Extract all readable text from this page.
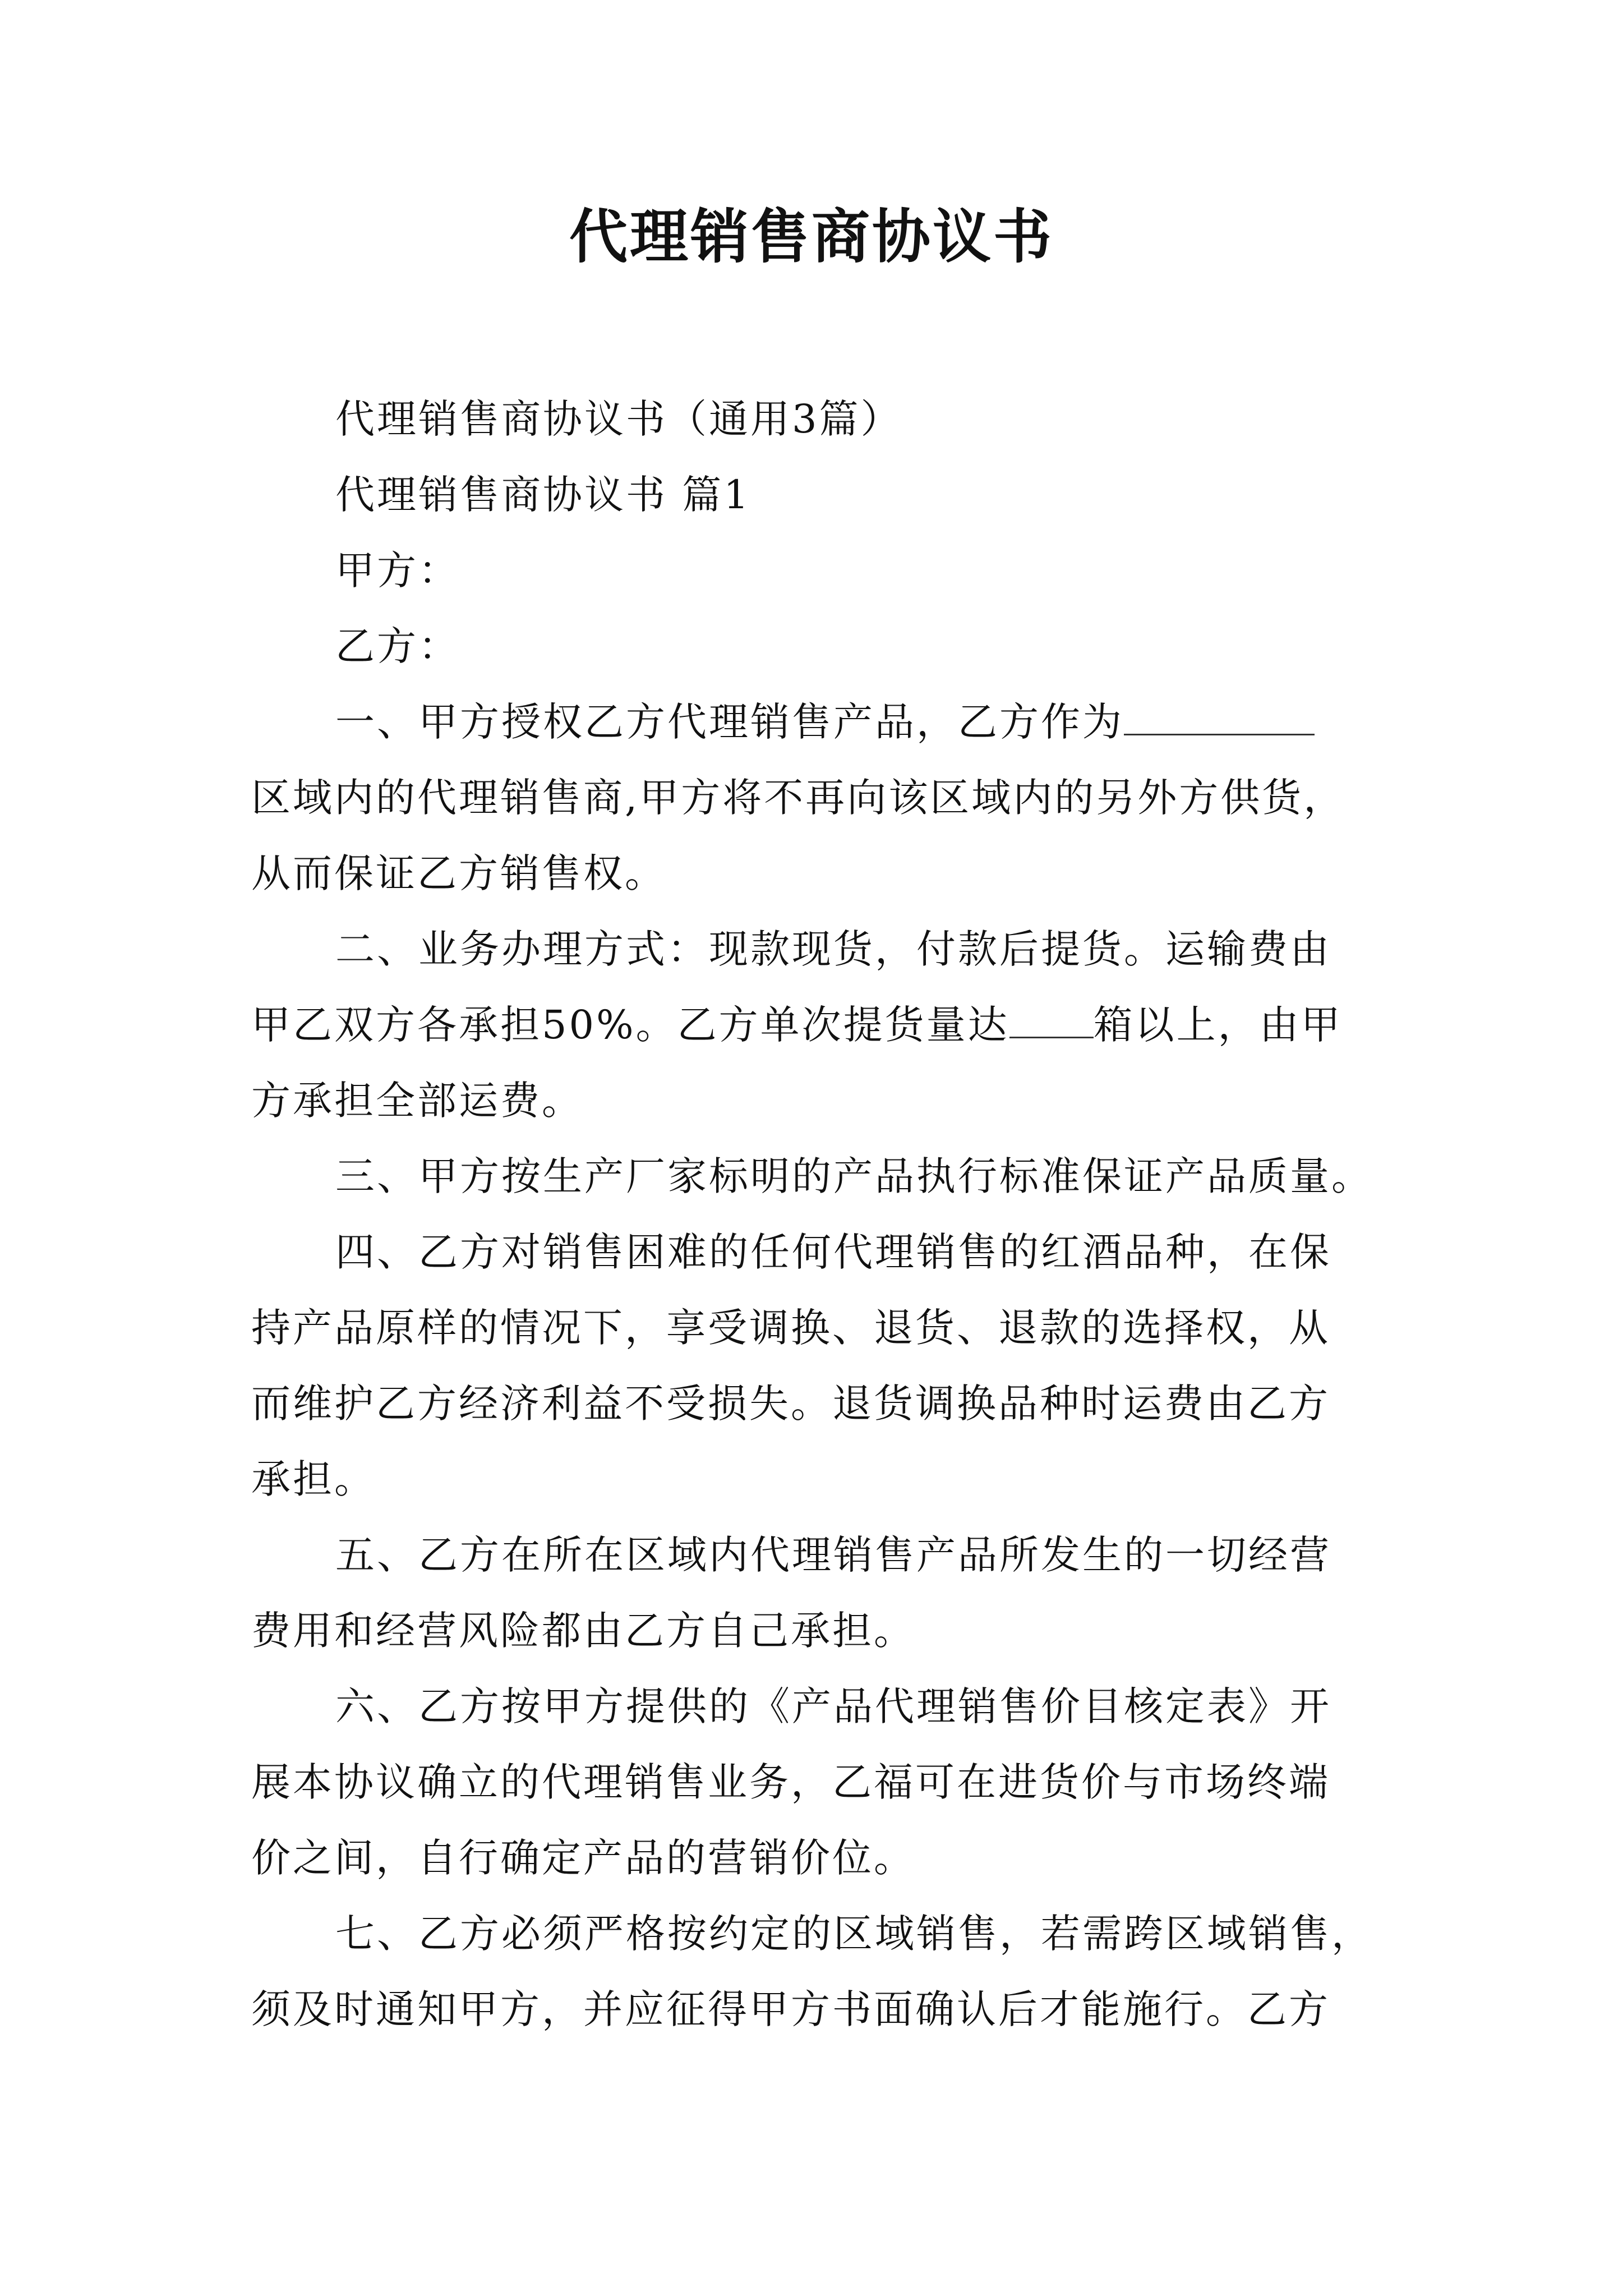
代理销售商协议书
代理销售商协议书（通用3篇）
代理销售商协议书 篇1
甲方：
乙方：
一、甲方授权乙方代理销售产品，乙方作为
区域内的代理销售商,甲方将不再向该区域内的另外方供货，
从而保证乙方销售权。
二、业务办理方式：现款现货，付款后提货。运输费由
甲乙双方各承担50%。乙方单次提货量达 箱以上，由甲
方承担全部运费。
三、甲方按生产厂家标明的产品执行标准保证产品质量。
四、乙方对销售困难的任何代理销售的红酒品种，在保
持产品原样的情况下，享受调换、退货、退款的选择权，从
而维护乙方经济利益不受损失。退货调换品种时运费由乙方
承担。
五、乙方在所在区域内代理销售产品所发生的一切经营
费用和经营风险都由乙方自己承担。
六、乙方按甲方提供的《产品代理销售价目核定表》开
展本协议确立的代理销售业务，乙福可在进货价与市场终端
价之间，自行确定产品的营销价位。
七、乙方必须严格按约定的区域销售，若需跨区域销售，
须及时通知甲方，并应征得甲方书面确认后才能施行。乙方
